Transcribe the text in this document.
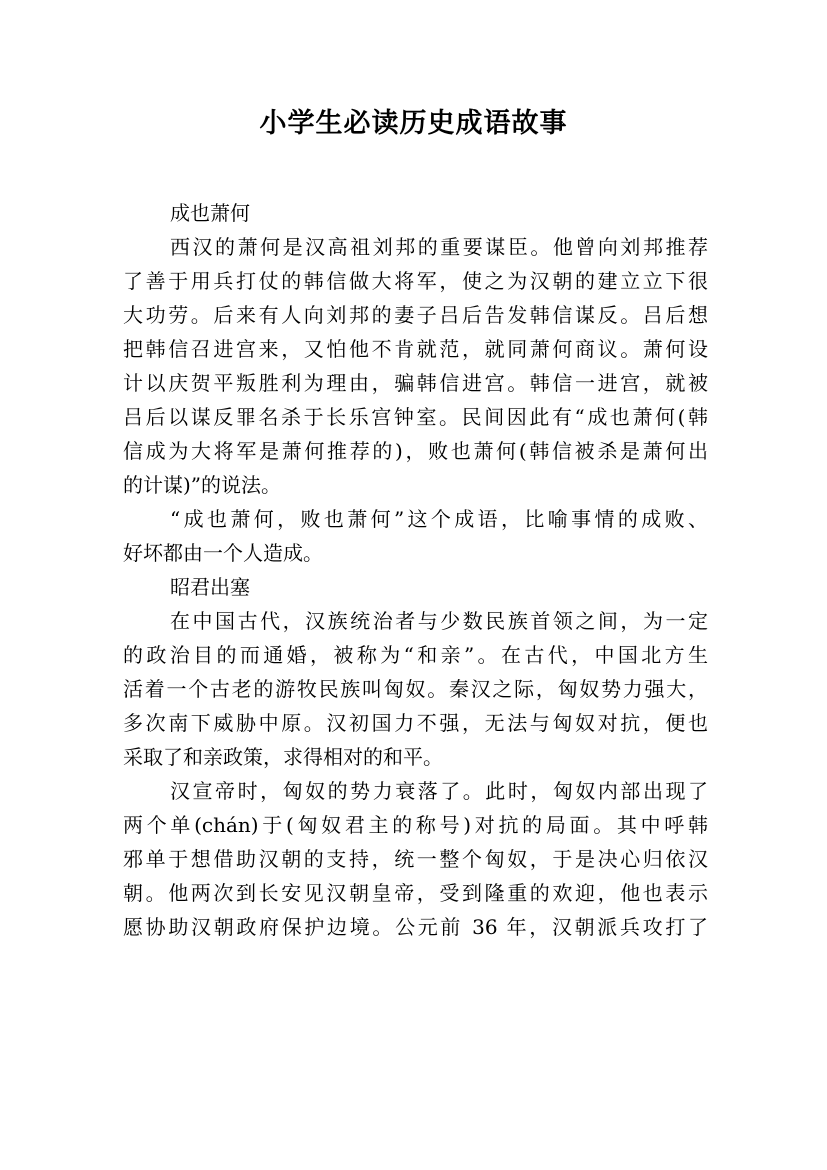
小学生必读历史成语故事
成也萧何
西汉的萧何是汉高祖刘邦的重要谋臣。他曾向刘邦推荐
了善于用兵打仗的韩信做大将军，使之为汉朝的建立立下很
大功劳。后来有人向刘邦的妻子吕后告发韩信谋反。吕后想
把韩信召进宫来，又怕他不肯就范，就同萧何商议。萧何设
计以庆贺平叛胜利为理由，骗韩信进宫。韩信一进宫，就被
吕后以谋反罪名杀于长乐宫钟室。民间因此有“成也萧何(韩
信成为大将军是萧何推荐的)，败也萧何(韩信被杀是萧何出
的计谋)”的说法。
“成也萧何，败也萧何”这个成语，比喻事情的成败、
好坏都由一个人造成。
昭君出塞
在中国古代，汉族统治者与少数民族首领之间，为一定
的政治目的而通婚，被称为“和亲”。在古代，中国北方生
活着一个古老的游牧民族叫匈奴。秦汉之际，匈奴势力强大，
多次南下威胁中原。汉初国力不强，无法与匈奴对抗，便也
采取了和亲政策，求得相对的和平。
汉宣帝时，匈奴的势力衰落了。此时，匈奴内部出现了
两个单(chán)于(匈奴君主的称号)对抗的局面。其中呼韩
邪单于想借助汉朝的支持，统一整个匈奴，于是决心归依汉
朝。他两次到长安见汉朝皇帝，受到隆重的欢迎，他也表示
愿协助汉朝政府保护边境。公元前 36 年，汉朝派兵攻打了
